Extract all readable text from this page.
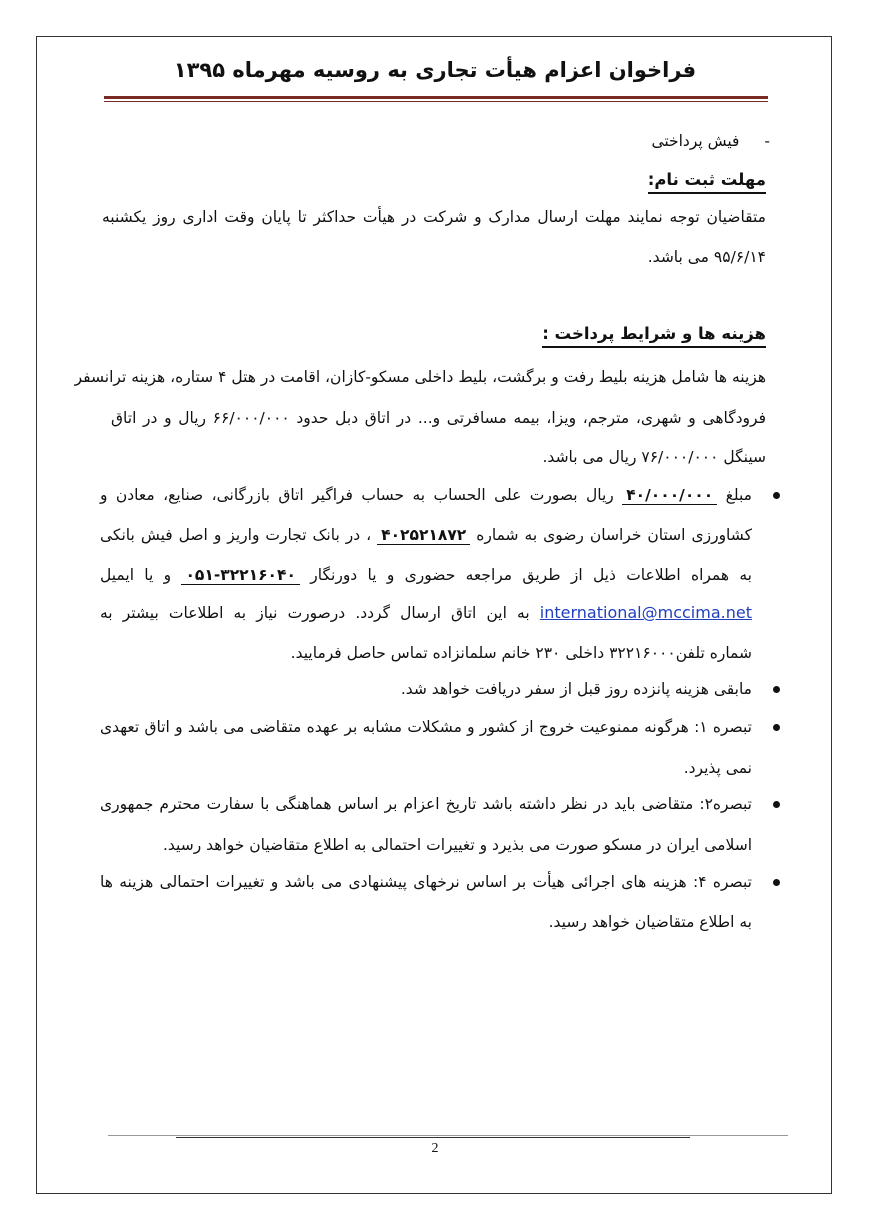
فراخوان اعزام هیأت تجاری به روسیه مهرماه ۱۳۹۵
- فیش پرداختی
مهلت ثبت نام:
متقاضیان توجه نمایند مهلت ارسال مدارک و شرکت در هیأت حداکثر تا پایان وقت اداری روز یکشنبه
۹۵/۶/۱۴ می باشد.
هزینه ها و شرایط پرداخت :
هزینه ها شامل هزینه بلیط رفت و برگشت، بلیط داخلی مسکو-کازان، اقامت در هتل ۴ ستاره، هزینه ترانسفر
فرودگاهی و شهری، مترجم، ویزا، بیمه مسافرتی و... در اتاق دبل حدود ۶۶/۰۰۰/۰۰۰ ریال و در اتاق
سینگل ۷۶/۰۰۰/۰۰۰ ریال می باشد.
مبلغ ۴۰/۰۰۰/۰۰۰ ریال بصورت علی الحساب به حساب فراگیر اتاق بازرگانی، صنایع، معادن و
کشاورزی استان خراسان رضوی به شماره ۴۰۲۵۲۱۸۷۲ ، در بانک تجارت واریز و اصل فیش بانکی
به همراه اطلاعات ذیل از طریق مراجعه حضوری و یا دورنگار ۰۵۱-۳۲۲۱۶۰۴۰ و یا ایمیل
international@mccima.net به این اتاق ارسال گردد. درصورت نیاز به اطلاعات بیشتر به
شماره تلفن۳۲۲۱۶۰۰۰ داخلی ۲۳۰ خانم سلمانزاده تماس حاصل فرمایید.
مابقی هزینه پانزده روز قبل از سفر دریافت خواهد شد.
تبصره ۱: هرگونه ممنوعیت خروج از کشور و مشکلات مشابه بر عهده متقاضی می باشد و اتاق تعهدی
نمی پذیرد.
تبصره۲: متقاضی باید در نظر داشته باشد تاریخ اعزام بر اساس هماهنگی با سفارت محترم جمهوری
اسلامی ایران در مسکو صورت می بذیرد و تغییرات احتمالی به اطلاع متقاضیان خواهد رسید.
تبصره ۴: هزینه های اجرائی هیأت بر اساس نرخهای پیشنهادی می باشد و تغییرات احتمالی هزینه ها
به اطلاع متقاضیان خواهد رسید.
2
